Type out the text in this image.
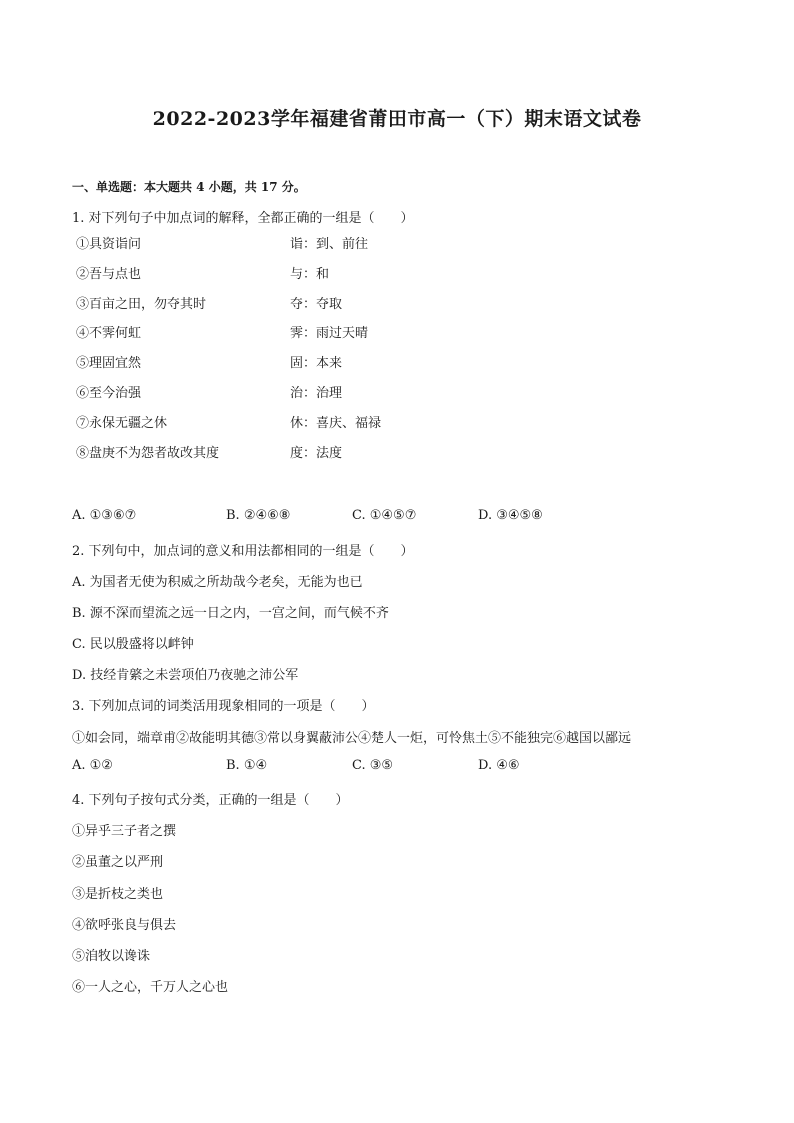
2022-2023学年福建省莆田市高一（下）期末语文试卷
一、单选题：本大题共 4 小题，共 17 分。
1. 对下列句子中加点词的解释，全都正确的一组是（　　）
①具资诣问	诣：到、前往
②吾与点也	与：和
③百亩之田，勿夺其时	夺：夺取
④不霁何虹	霁：雨过天晴
⑤理固宜然	固：本来
⑥至今治强	治：治理
⑦永保无疆之休	休：喜庆、福禄
⑧盘庚不为怨者故改其度	度：法度
A. ①③⑥⑦	B. ②④⑥⑧	C. ①④⑤⑦	D. ③④⑤⑧
2. 下列句中，加点词的意义和用法都相同的一组是（　　）
A. 为国者无使为积威之所劫哉今老矣，无能为也已
B. 源不深而望流之远一日之内，一宫之间，而气候不齐
C. 民以殷盛将以衅钟
D. 技经肯綮之未尝项伯乃夜驰之沛公军
3. 下列加点词的词类活用现象相同的一项是（　　）
①如会同，端章甫②故能明其德③常以身翼蔽沛公④楚人一炬，可怜焦土⑤不能独完⑥越国以鄙远
A. ①②	B. ①④	C. ③⑤	D. ④⑥
4. 下列句子按句式分类，正确的一组是（　　）
①异乎三子者之撰
②虽董之以严刑
③是折枝之类也
④欲呼张良与俱去
⑤洎牧以谗诛
⑥一人之心，千万人之心也
